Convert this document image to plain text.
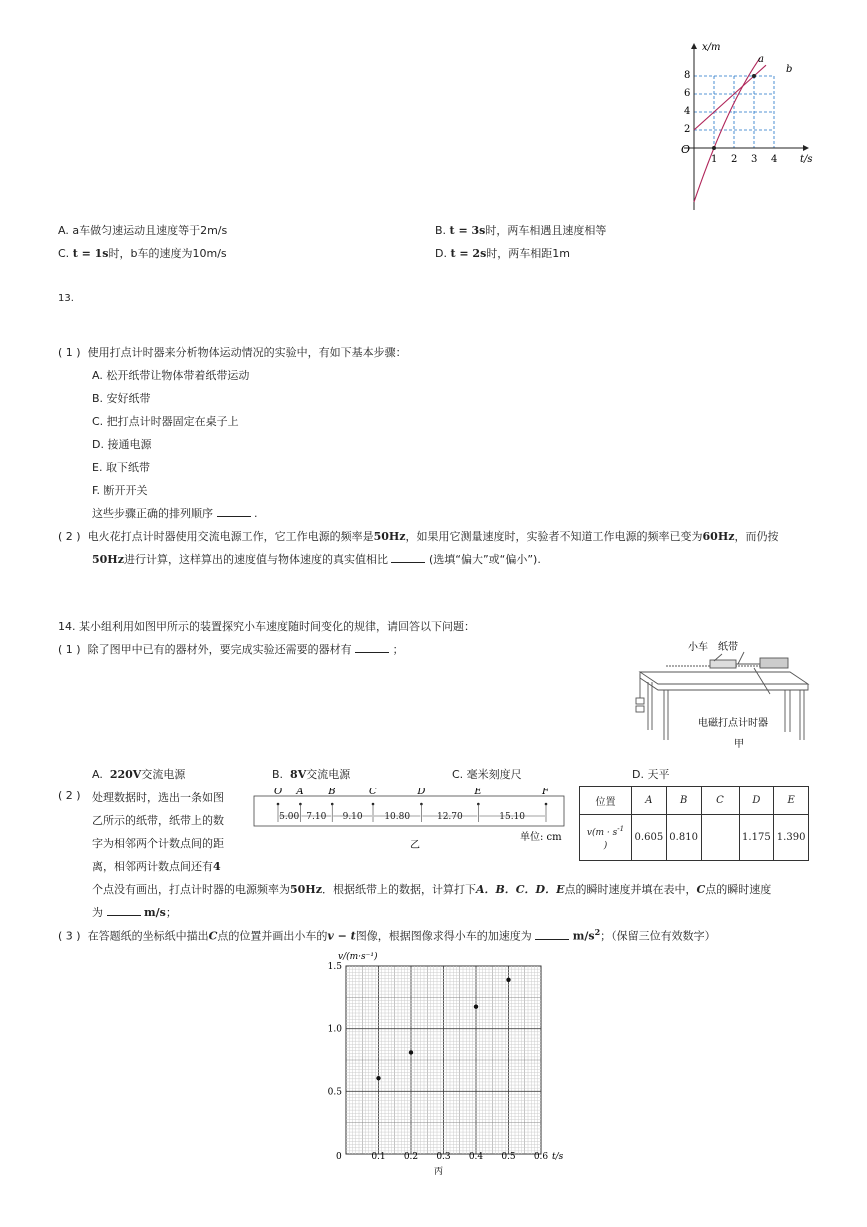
x/m
t/s
O
8
6
4
2
1 2 3 4
a
b
A. a车做匀速运动且速度等于2m/s	B. t = 3s时，两车相遇且速度相等
C. t = 1s时，b车的速度为10m/s	D. t = 2s时，两车相距1m
13.
( 1 ) 使用打点计时器来分析物体运动情况的实验中，有如下基本步骤：
A. 松开纸带让物体带着纸带运动
B. 安好纸带
C. 把打点计时器固定在桌子上
D. 接通电源
E. 取下纸带
F. 断开开关
这些步骤正确的排列顺序	.
( 2 ) 电火花打点计时器使用交流电源工作，它工作电源的频率是50Hz，如果用它测量速度时，实验者不知道工作电源的频率已变为60Hz，而仍按
50Hz进行计算，这样算出的速度值与物体速度的真实值相比	(选填“偏大”或“偏小”).
14. 某小组利用如图甲所示的装置探究小车速度随时间变化的规律，请回答以下问题：
( 1 ) 除了图甲中已有的器材外，要完成实验还需要的器材有	；	小车 纸带
电磁打点计时器
甲
A. 220V交流电源	B. 8V交流电源	C. 毫米刻度尺	D. 天平
( 2 ) 处理数据时，选出一条如图
乙所示的纸带，纸带上的数
字为相邻两个计数点间的距
离，相邻两计数点间还有4
O A B	C	D	E	F
5.00 7.10 9.10 10.80	12.70	15.10
单位: cm
乙
位置	A	B	C	D	E
$v(m \cdot s^{-1}$
)	0.605	0.810		1.175	1.390
个点没有画出，打点计时器的电源频率为50Hz．根据纸带上的数据，计算打下A．B．C．D．E点的瞬时速度并填在表中，C点的瞬时速度
为	m/s；
( 3 ) 在答题纸的坐标纸中描出C点的位置并画出小车的v − t图像，根据图像求得小车的加速度为	$m/s^2$；（保留三位有效数字）
v/(m·s⁻¹)
t/s
0
丙
0.1 0.2 0.3 0.4 0.5 0.6
0.5
1.0
1.5
